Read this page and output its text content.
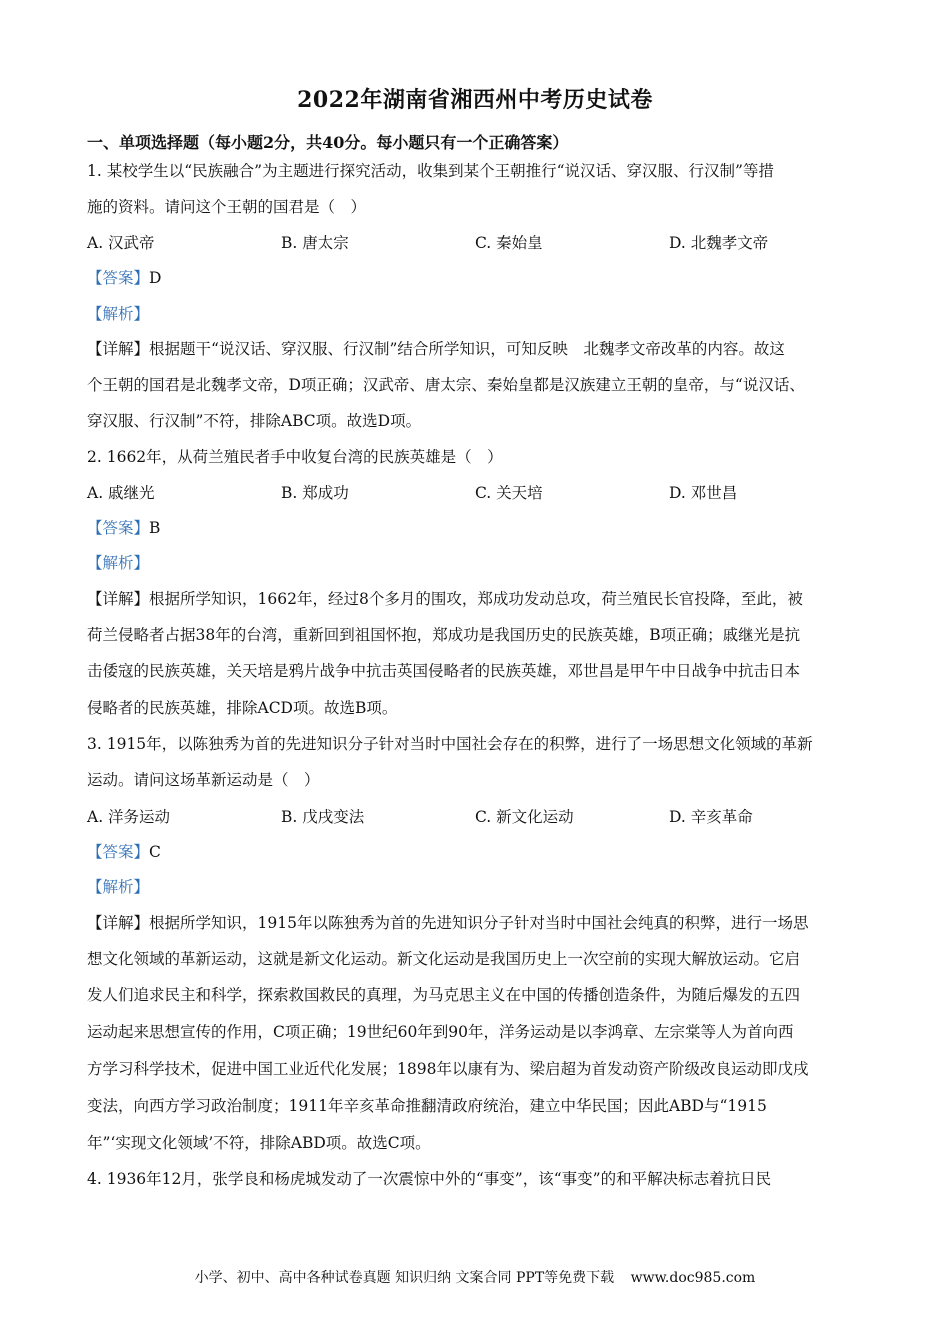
2022年湖南省湘西州中考历史试卷
一、单项选择题（每小题2分，共40分。每小题只有一个正确答案）
1. 某校学生以“民族融合”为主题进行探究活动，收集到某个王朝推行“说汉话、穿汉服、行汉制”等措
施的资料。请问这个王朝的国君是（　）
A. 汉武帝	B. 唐太宗	C. 秦始皇	D. 北魏孝文帝
【答案】D
【解析】
【详解】根据题干“说汉话、穿汉服、行汉制”结合所学知识，可知反映　北魏孝文帝改革的内容。故这
个王朝的国君是北魏孝文帝，D项正确；汉武帝、唐太宗、秦始皇都是汉族建立王朝的皇帝，与“说汉话、
穿汉服、行汉制”不符，排除ABC项。故选D项。
2. 1662年，从荷兰殖民者手中收复台湾的民族英雄是（　）
A. 戚继光	B. 郑成功	C. 关天培	D. 邓世昌
【答案】B
【解析】
【详解】根据所学知识，1662年，经过8个多月的围攻，郑成功发动总攻，荷兰殖民长官投降，至此，被
荷兰侵略者占据38年的台湾，重新回到祖国怀抱，郑成功是我国历史的民族英雄，B项正确；戚继光是抗
击倭寇的民族英雄，关天培是鸦片战争中抗击英国侵略者的民族英雄，邓世昌是甲午中日战争中抗击日本
侵略者的民族英雄，排除ACD项。故选B项。
3. 1915年，以陈独秀为首的先进知识分子针对当时中国社会存在的积弊，进行了一场思想文化领域的革新
运动。请问这场革新运动是（　）
A. 洋务运动	B. 戊戌变法	C. 新文化运动	D. 辛亥革命
【答案】C
【解析】
【详解】根据所学知识，1915年以陈独秀为首的先进知识分子针对当时中国社会纯真的积弊，进行一场思
想文化领域的革新运动，这就是新文化运动。新文化运动是我国历史上一次空前的实现大解放运动。它启
发人们追求民主和科学，探索救国救民的真理，为马克思主义在中国的传播创造条件，为随后爆发的五四
运动起来思想宣传的作用，C项正确；19世纪60年到90年，洋务运动是以李鸿章、左宗棠等人为首向西
方学习科学技术，促进中国工业近代化发展；1898年以康有为、梁启超为首发动资产阶级改良运动即戊戌
变法，向西方学习政治制度；1911年辛亥革命推翻清政府统治，建立中华民国；因此ABD与“1915
年”‘实现文化领域’不符，排除ABD项。故选C项。
4. 1936年12月，张学良和杨虎城发动了一次震惊中外的“事变”，该“事变”的和平解决标志着抗日民
小学、初中、高中各种试卷真题 知识归纳 文案合同 PPT等免费下载 www.doc985.com
